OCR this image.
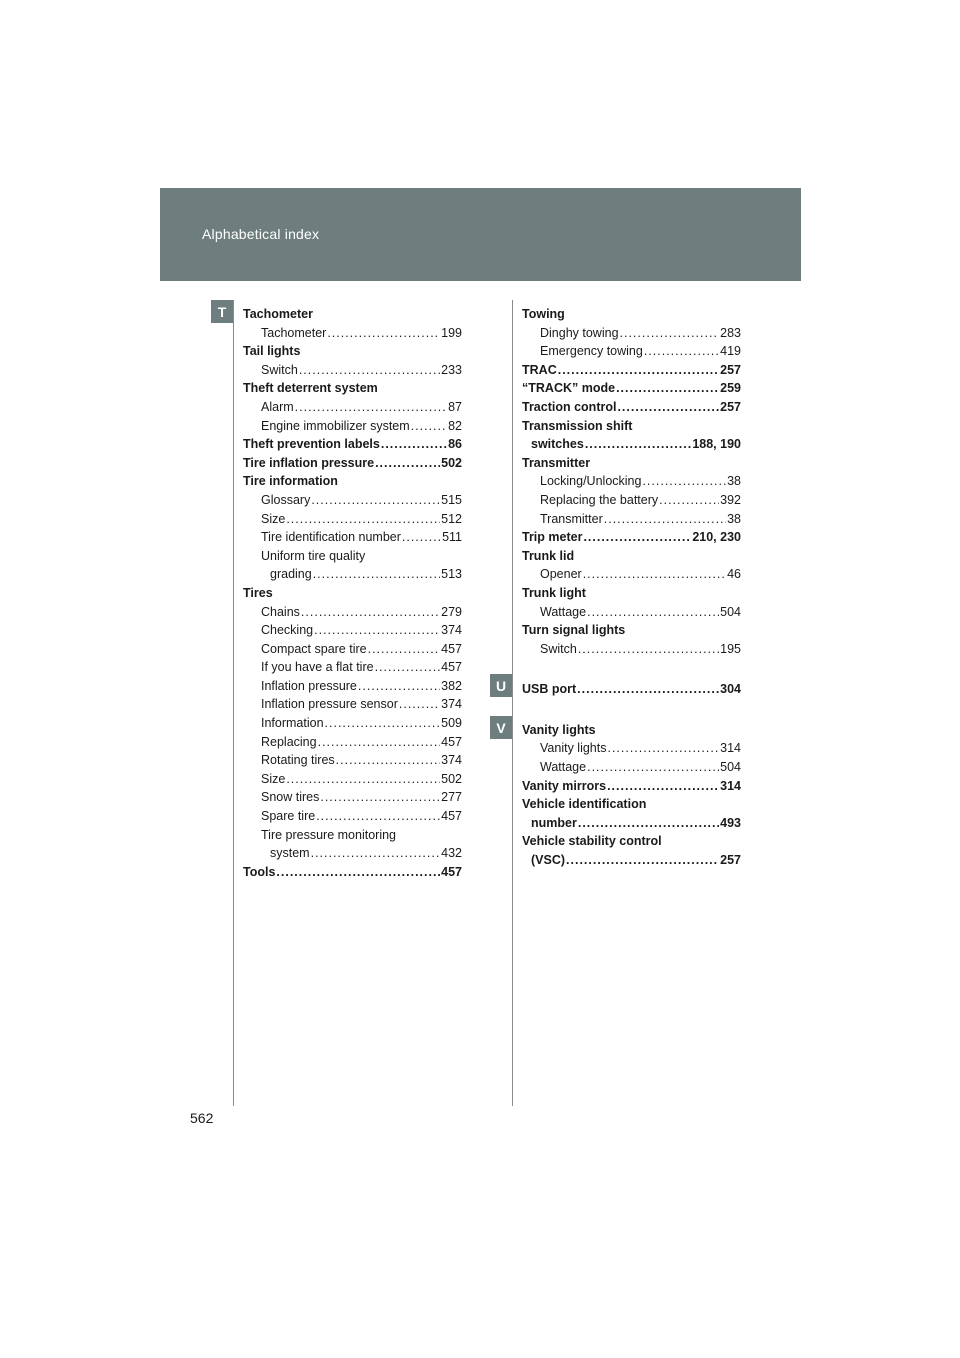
Alphabetical index
T
U
V
Tachometer
Tachometer .....	199
Tail lights
Switch .....	233
Theft deterrent system
Alarm .....	87
Engine immobilizer system .....	82
Theft prevention labels .....	86
Tire inflation pressure .....	502
Tire information
Glossary .....	515
Size .....	512
Tire identification number .....	511
Uniform tire quality
grading .....	513
Tires
Chains .....	279
Checking .....	374
Compact spare tire .....	457
If you have a flat tire .....	457
Inflation pressure .....	382
Inflation pressure sensor .....	374
Information .....	509
Replacing .....	457
Rotating tires .....	374
Size .....	502
Snow tires .....	277
Spare tire .....	457
Tire pressure monitoring
system .....	432
Tools .....	457
Towing
Dinghy towing .....	283
Emergency towing .....	419
TRAC .....	257
“TRACK” mode .....	259
Traction control .....	257
Transmission shift
switches .....	188, 190
Transmitter
Locking/Unlocking .....	38
Replacing the battery .....	392
Transmitter .....	38
Trip meter .....	210, 230
Trunk lid
Opener .....	46
Trunk light
Wattage .....	504
Turn signal lights
Switch .....	195
USB port .....	304
Vanity lights
Vanity lights .....	314
Wattage .....	504
Vanity mirrors .....	314
Vehicle identification
number .....	493
Vehicle stability control
(VSC) .....	257
562
